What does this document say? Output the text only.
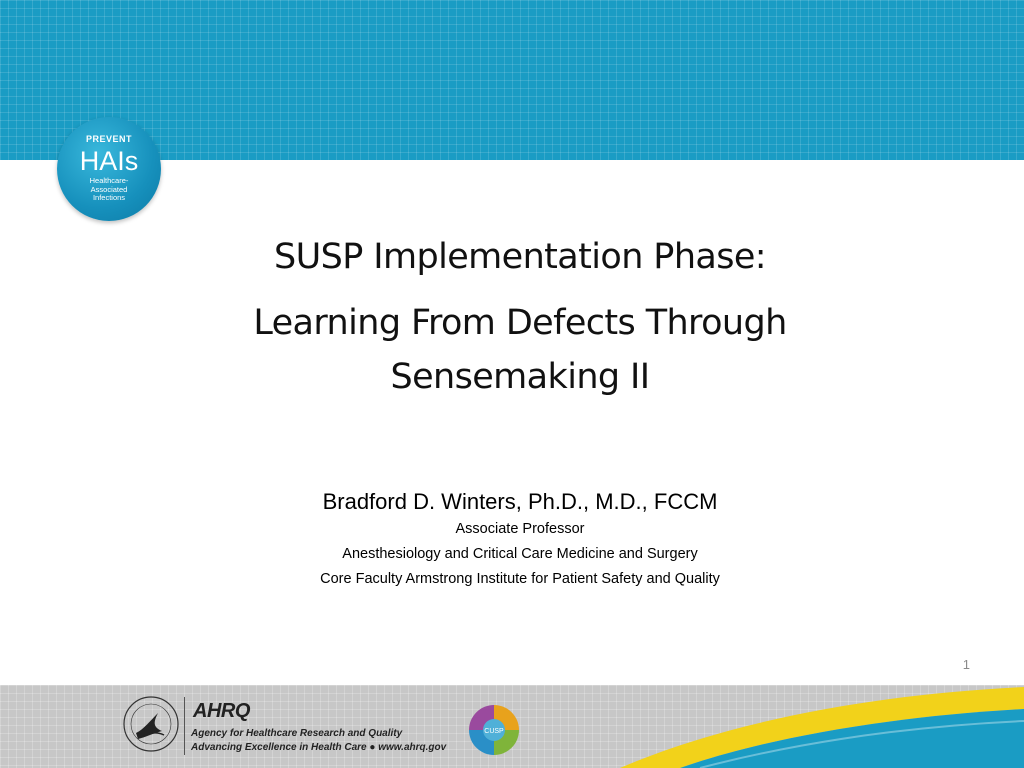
PREVENT
HAIs
Healthcare-
Associated
Infections
SUSP Implementation Phase:
Learning From Defects Through
Sensemaking II
Bradford D. Winters, Ph.D., M.D., FCCM
Associate Professor
Anesthesiology and Critical Care Medicine and Surgery
Core Faculty Armstrong Institute for Patient Safety and Quality
1
AHRQ
Agency for Healthcare Research and Quality
Advancing Excellence in Health Care ● www.ahrq.gov
CUSP
